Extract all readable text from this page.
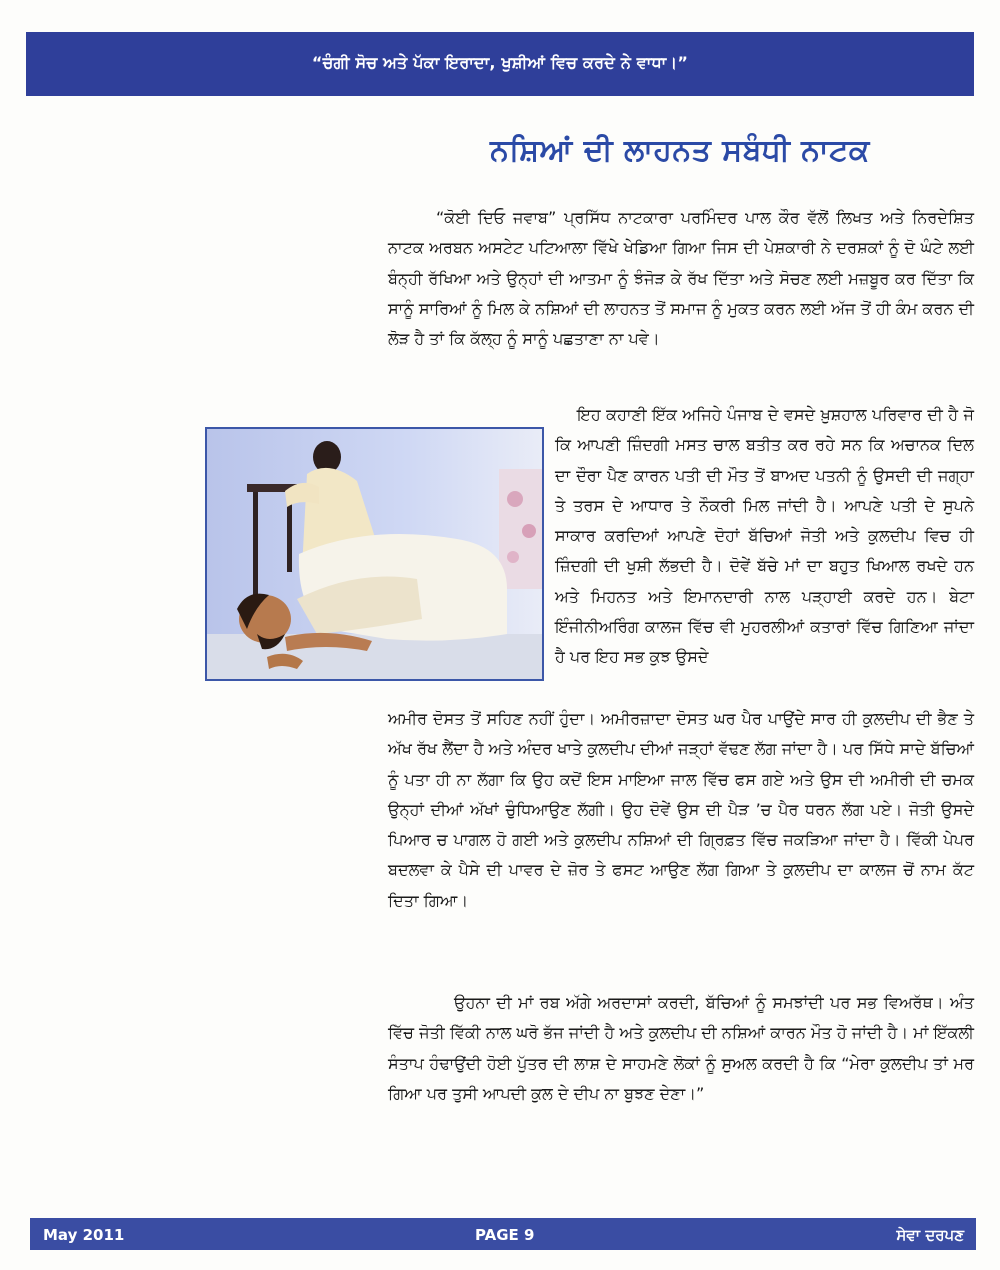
“ਚੰਗੀ ਸੋਚ ਅਤੇ ਪੱਕਾ ਇਰਾਦਾ, ਖੁਸ਼ੀਆਂ ਵਿਚ ਕਰਦੇ ਨੇ ਵਾਧਾ।”
ਨਸ਼ਿਆਂ ਦੀ ਲਾਹਨਤ ਸਬੰਧੀ ਨਾਟਕ

“ਕੋਈ ਦਿਓ ਜਵਾਬ” ਪ੍ਰਸਿੱਧ ਨਾਟਕਾਰਾ ਪਰਮਿੰਦਰ ਪਾਲ ਕੌਰ ਵੱਲੋਂ ਲਿਖਤ ਅਤੇ ਨਿਰਦੇਸ਼ਿਤ ਨਾਟਕ ਅਰਬਨ ਅਸਟੇਟ ਪਟਿਆਲਾ ਵਿੱਖੇ ਖੇਡਿਆ ਗਿਆ ਜਿਸ ਦੀ ਪੇਸ਼ਕਾਰੀ ਨੇ ਦਰਸ਼ਕਾਂ ਨੂੰ ਦੋ ਘੰਟੇ ਲਈ ਬੰਨ੍ਹੀ ਰੱਖਿਆ ਅਤੇ ਉਨ੍ਹਾਂ ਦੀ ਆਤਮਾ ਨੂੰ ਝੰਜੋੜ ਕੇ ਰੱਖ ਦਿੱਤਾ ਅਤੇ ਸੋਚਣ ਲਈ ਮਜ਼ਬੂਰ ਕਰ ਦਿੱਤਾ ਕਿ ਸਾਨੂੰ ਸਾਰਿਆਂ ਨੂੰ ਮਿਲ ਕੇ ਨਸ਼ਿਆਂ ਦੀ ਲਾਹਨਤ ਤੋਂ ਸਮਾਜ ਨੂੰ ਮੁਕਤ ਕਰਨ ਲਈ ਅੱਜ ਤੋਂ ਹੀ ਕੰਮ ਕਰਨ ਦੀ ਲੋੜ ਹੈ ਤਾਂ ਕਿ ਕੱਲ੍ਹ ਨੂੰ ਸਾਨੂੰ ਪਛਤਾਣਾ ਨਾ ਪਵੇ।

ਇਹ ਕਹਾਣੀ ਇੱਕ ਅਜਿਹੇ ਪੰਜਾਬ ਦੇ ਵਸਦੇ ਖ਼ੁਸ਼ਹਾਲ ਪਰਿਵਾਰ ਦੀ ਹੈ ਜੋ ਕਿ ਆਪਣੀ ਜ਼ਿੰਦਗੀ ਮਸਤ ਚਾਲ ਬਤੀਤ ਕਰ ਰਹੇ ਸਨ ਕਿ ਅਚਾਨਕ ਦਿਲ ਦਾ ਦੌਰਾ ਪੈਣ ਕਾਰਨ ਪਤੀ ਦੀ ਮੌਤ ਤੋਂ ਬਾਅਦ ਪਤਨੀ ਨੂੰ ਉਸਦੀ ਦੀ ਜਗ੍ਹਾ ਤੇ ਤਰਸ ਦੇ ਆਧਾਰ ਤੇ ਨੌਕਰੀ ਮਿਲ ਜਾਂਦੀ ਹੈ। ਆਪਣੇ ਪਤੀ ਦੇ ਸੁਪਨੇ ਸਾਕਾਰ ਕਰਦਿਆਂ ਆਪਣੇ ਦੋਹਾਂ ਬੱਚਿਆਂ ਜੋਤੀ ਅਤੇ ਕੁਲਦੀਪ ਵਿਚ ਹੀ ਜ਼ਿੰਦਗੀ ਦੀ ਖੁਸ਼ੀ ਲੱਭਦੀ ਹੈ। ਦੋਵੇਂ ਬੱਚੇ ਮਾਂ ਦਾ ਬਹੁਤ ਖਿਆਲ ਰਖਦੇ ਹਨ ਅਤੇ ਮਿਹਨਤ ਅਤੇ ਇਮਾਨਦਾਰੀ ਨਾਲ ਪੜ੍ਹਾਈ ਕਰਦੇ ਹਨ। ਬੇਟਾ ਇੰਜੀਨੀਅਰਿੰਗ ਕਾਲਜ ਵਿੱਚ ਵੀ ਮੁਹਰਲੀਆਂ ਕਤਾਰਾਂ ਵਿੱਚ ਗਿਣਿਆ ਜਾਂਦਾ ਹੈ ਪਰ ਇਹ ਸਭ ਕੁਝ ਉਸਦੇ

ਅਮੀਰ ਦੋਸਤ ਤੋਂ ਸਹਿਣ ਨਹੀਂ ਹੁੰਦਾ। ਅਮੀਰਜ਼ਾਦਾ ਦੋਸਤ ਘਰ ਪੈਰ ਪਾਉਂਦੇ ਸਾਰ ਹੀ ਕੁਲਦੀਪ ਦੀ ਭੈਣ ਤੇ ਅੱਖ ਰੱਖ ਲੈਂਦਾ ਹੈ ਅਤੇ ਅੰਦਰ ਖਾਤੇ ਕੁਲਦੀਪ ਦੀਆਂ ਜੜ੍ਹਾਂ ਵੱਢਣ ਲੱਗ ਜਾਂਦਾ ਹੈ। ਪਰ ਸਿੱਧੇ ਸਾਦੇ ਬੱਚਿਆਂ ਨੂੰ ਪਤਾ ਹੀ ਨਾ ਲੱਗਾ ਕਿ ਉਹ ਕਦੋਂ ਇਸ ਮਾਇਆ ਜਾਲ ਵਿੱਚ ਫਸ ਗਏ ਅਤੇ ਉਸ ਦੀ ਅਮੀਰੀ ਦੀ ਚਮਕ ਉਨ੍ਹਾਂ ਦੀਆਂ ਅੱਖਾਂ ਚੁੰਧਿਆਉਣ ਲੱਗੀ। ਉਹ ਦੋਵੇਂ ਉਸ ਦੀ ਪੈੜ ’ਚ ਪੈਰ ਧਰਨ ਲੱਗ ਪਏ। ਜੋਤੀ ਉਸਦੇ ਪਿਆਰ ਚ ਪਾਗਲ ਹੋ ਗਈ ਅਤੇ ਕੁਲਦੀਪ ਨਸ਼ਿਆਂ ਦੀ ਗ੍ਰਿਫ਼ਤ ਵਿੱਚ ਜਕੜਿਆ ਜਾਂਦਾ ਹੈ। ਵਿੱਕੀ ਪੇਪਰ ਬਦਲਵਾ ਕੇ ਪੈਸੇ ਦੀ ਪਾਵਰ ਦੇ ਜ਼ੋਰ ਤੇ ਫਸਟ ਆਉਣ ਲੱਗ ਗਿਆ ਤੇ ਕੁਲਦੀਪ ਦਾ ਕਾਲਜ ਚੋਂ ਨਾਮ ਕੱਟ ਦਿਤਾ ਗਿਆ।

ਉਹਨਾ ਦੀ ਮਾਂ ਰਬ ਅੱਗੇ ਅਰਦਾਸਾਂ ਕਰਦੀ, ਬੱਚਿਆਂ ਨੂੰ ਸਮਝਾਂਦੀ ਪਰ ਸਭ ਵਿਅਰੱਥ। ਅੰਤ ਵਿੱਚ ਜੋਤੀ ਵਿੱਕੀ ਨਾਲ ਘਰੋ ਭੱਜ ਜਾਂਦੀ ਹੈ ਅਤੇ ਕੁਲਦੀਪ ਦੀ ਨਸ਼ਿਆਂ ਕਾਰਨ ਮੌਤ ਹੋ ਜਾਂਦੀ ਹੈ। ਮਾਂ ਇੱਕਲੀ ਸੰਤਾਪ ਹੰਢਾਉਂਦੀ ਹੋਈ ਪੁੱਤਰ ਦੀ ਲਾਸ਼ ਦੇ ਸਾਹਮਣੇ ਲੋਕਾਂ ਨੂੰ ਸੁਅਲ ਕਰਦੀ ਹੈ ਕਿ “ਮੇਰਾ ਕੁਲਦੀਪ ਤਾਂ ਮਰ ਗਿਆ ਪਰ ਤੁਸੀ ਆਪਦੀ ਕੁਲ ਦੇ ਦੀਪ ਨਾ ਬੁਝਣ ਦੇਣਾ।”

May 2011	PAGE 9	ਸੇਵਾ ਦਰਪਣ
